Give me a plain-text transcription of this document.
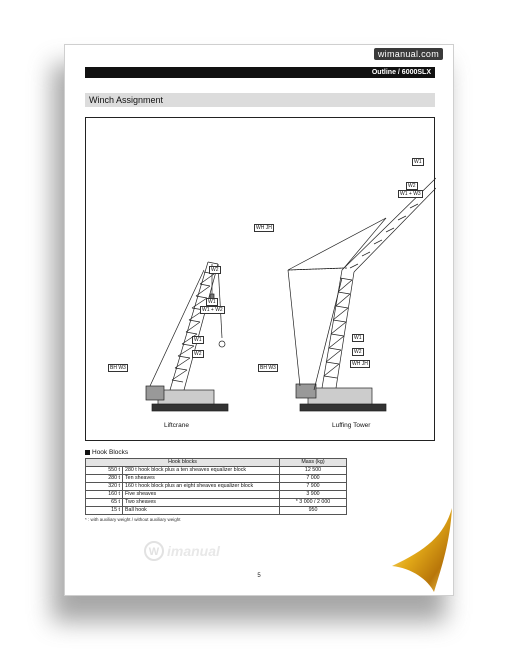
wimanual.com
Outline / 6000SLX
Winch Assignment
W2
W1
W1 + W2
W1
W2
BH W3
Liftcrane
W1
W2
W1 + W3
WH JH
W1
W2
WH JH
BH W3
Luffing Tower
Hook Blocks
Hook blocks		Mass (kg)
550 t	280 t hook block plus a ten sheaves equalizer block	12 500
280 t	Ten sheaves	7 000
320 t	160 t hook block plus an eight sheaves equalizer block	7 900
160 t	Five sheaves	3 900
65 t	Two sheaves	* 3 000 / 2 000
15 t	Ball hook	950
* : with auxiliary weight / without auxiliary weight
W imanual
5
